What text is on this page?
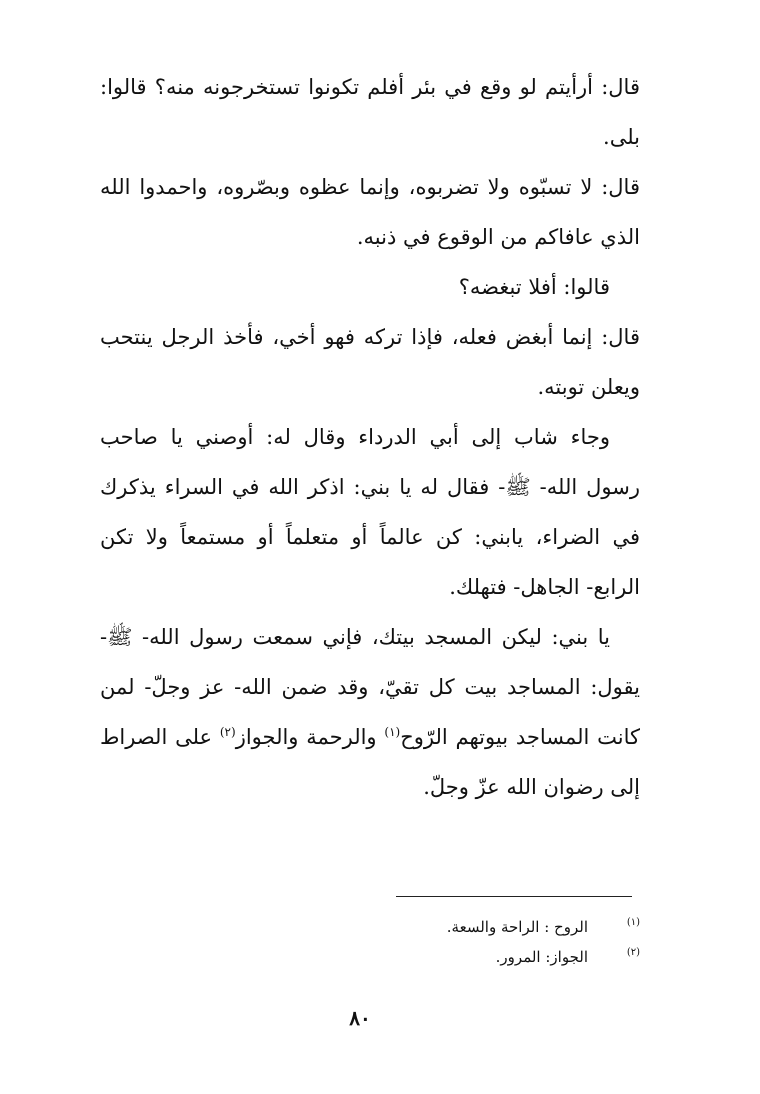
قال: أرأيتم لو وقع في بئر أفلم تكونوا تستخرجونه منه؟ قالوا: بلى.

قال: لا تسبّوه ولا تضربوه، وإنما عظوه وبصّروه، واحمدوا الله الذي عافاكم من الوقوع في ذنبه.

قالوا: أفلا تبغضه؟

قال: إنما أبغض فعله، فإذا تركه فهو أخي، فأخذ الرجل ينتحب ويعلن توبته.

وجاء شاب إلى أبي الدرداء وقال له: أوصني يا صاحب رسول الله- ﷺ- فقال له يا بني: اذكر الله في السراء يذكرك في الضراء، يابني: كن عالماً أو متعلماً أو مستمعاً ولا تكن الرابع- الجاهل- فتهلك.

يا بني: ليكن المسجد بيتك، فإني سمعت رسول الله- ﷺ- يقول: المساجد بيت كل تقيّ، وقد ضمن الله- عز وجلّ- لمن كانت المساجد بيوتهم الرّوح$^{(١)}$ والرحمة والجواز$^{(٢)}$ على الصراط إلى رضوان الله عزّ وجلّ.

(١)
الروح : الراحة والسعة.
(٢)
الجواز: المرور.
٨٠
